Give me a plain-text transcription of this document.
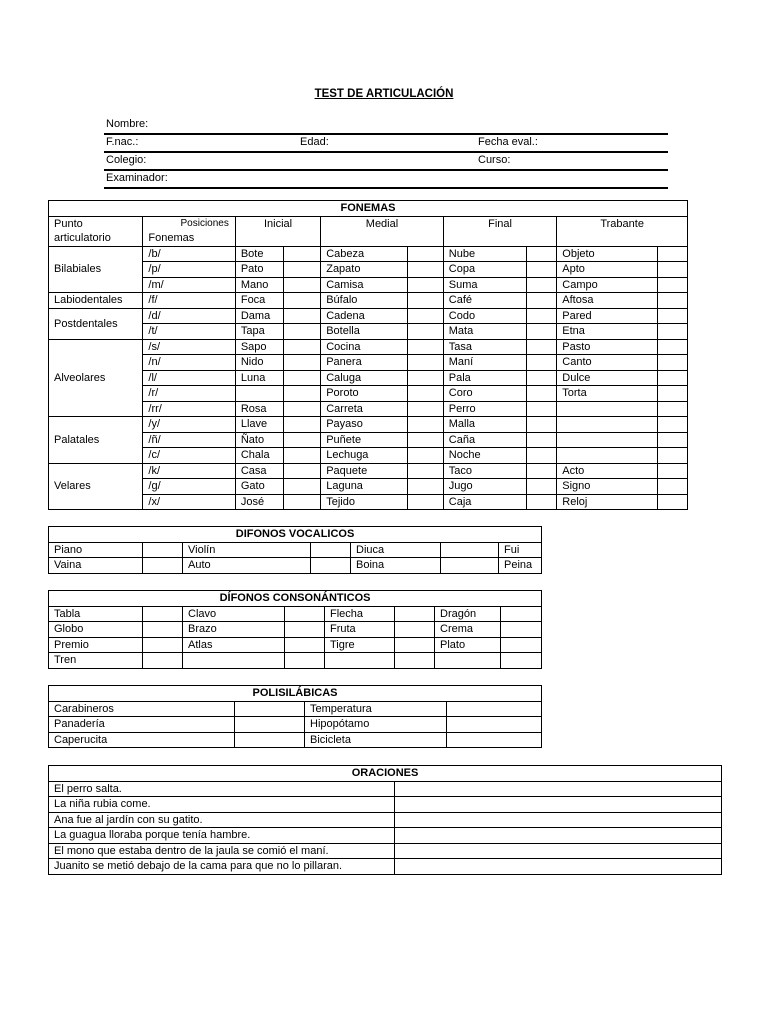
TEST DE ARTICULACIÓN
Nombre:
F.nac.:	Edad:	Fecha eval.:
Colegio:	Curso:
Examinador:
FONEMAS									
Punto	Posiciones	Inicial		Medial		Final		Trabante	
articulatorio	Fonemas								
Bilabiales	/b/	Bote		Cabeza		Nube		Objeto	
	/p/	Pato		Zapato		Copa		Apto	
	/m/	Mano		Camisa		Suma		Campo	
Labiodentales	/f/	Foca		Búfalo		Café		Aftosa	
Postdentales	/d/	Dama		Cadena		Codo		Pared	
	/t/	Tapa		Botella		Mata		Etna	
Alveolares	/s/	Sapo		Cocina		Tasa		Pasto	
	/n/	Nido		Panera		Maní		Canto	
	/l/	Luna		Caluga		Pala		Dulce	
	/r/			Poroto		Coro		Torta	
	/rr/	Rosa		Carreta		Perro			
Palatales	/y/	Llave		Payaso		Malla			
	/ñ/	Ñato		Puñete		Caña			
	/c/	Chala		Lechuga		Noche			
Velares	/k/	Casa		Paquete		Taco		Acto	
	/g/	Gato		Laguna		Jugo		Signo	
	/x/	José		Tejido		Caja		Reloj	
DIFONOS VOCALICOS						
Piano		Violín		Diuca		Fui
Vaina		Auto		Boina		Peina
DÍFONOS CONSONÁNTICOS							
Tabla		Clavo		Flecha		Dragón	
Globo		Brazo		Fruta		Crema	
Premio		Atlas		Tigre		Plato	
Tren							
POLISILÁBICAS			
Carabineros		Temperatura	
Panadería		Hipopótamo	
Caperucita		Bicicleta	
ORACIONES	
El perro salta.	
La niña rubia come.	
Ana fue al jardín con su gatito.	
La guagua lloraba porque tenía hambre.	
El mono que estaba dentro de la jaula se comió el maní.	
Juanito se metió debajo de la cama para que no lo pillaran.	
